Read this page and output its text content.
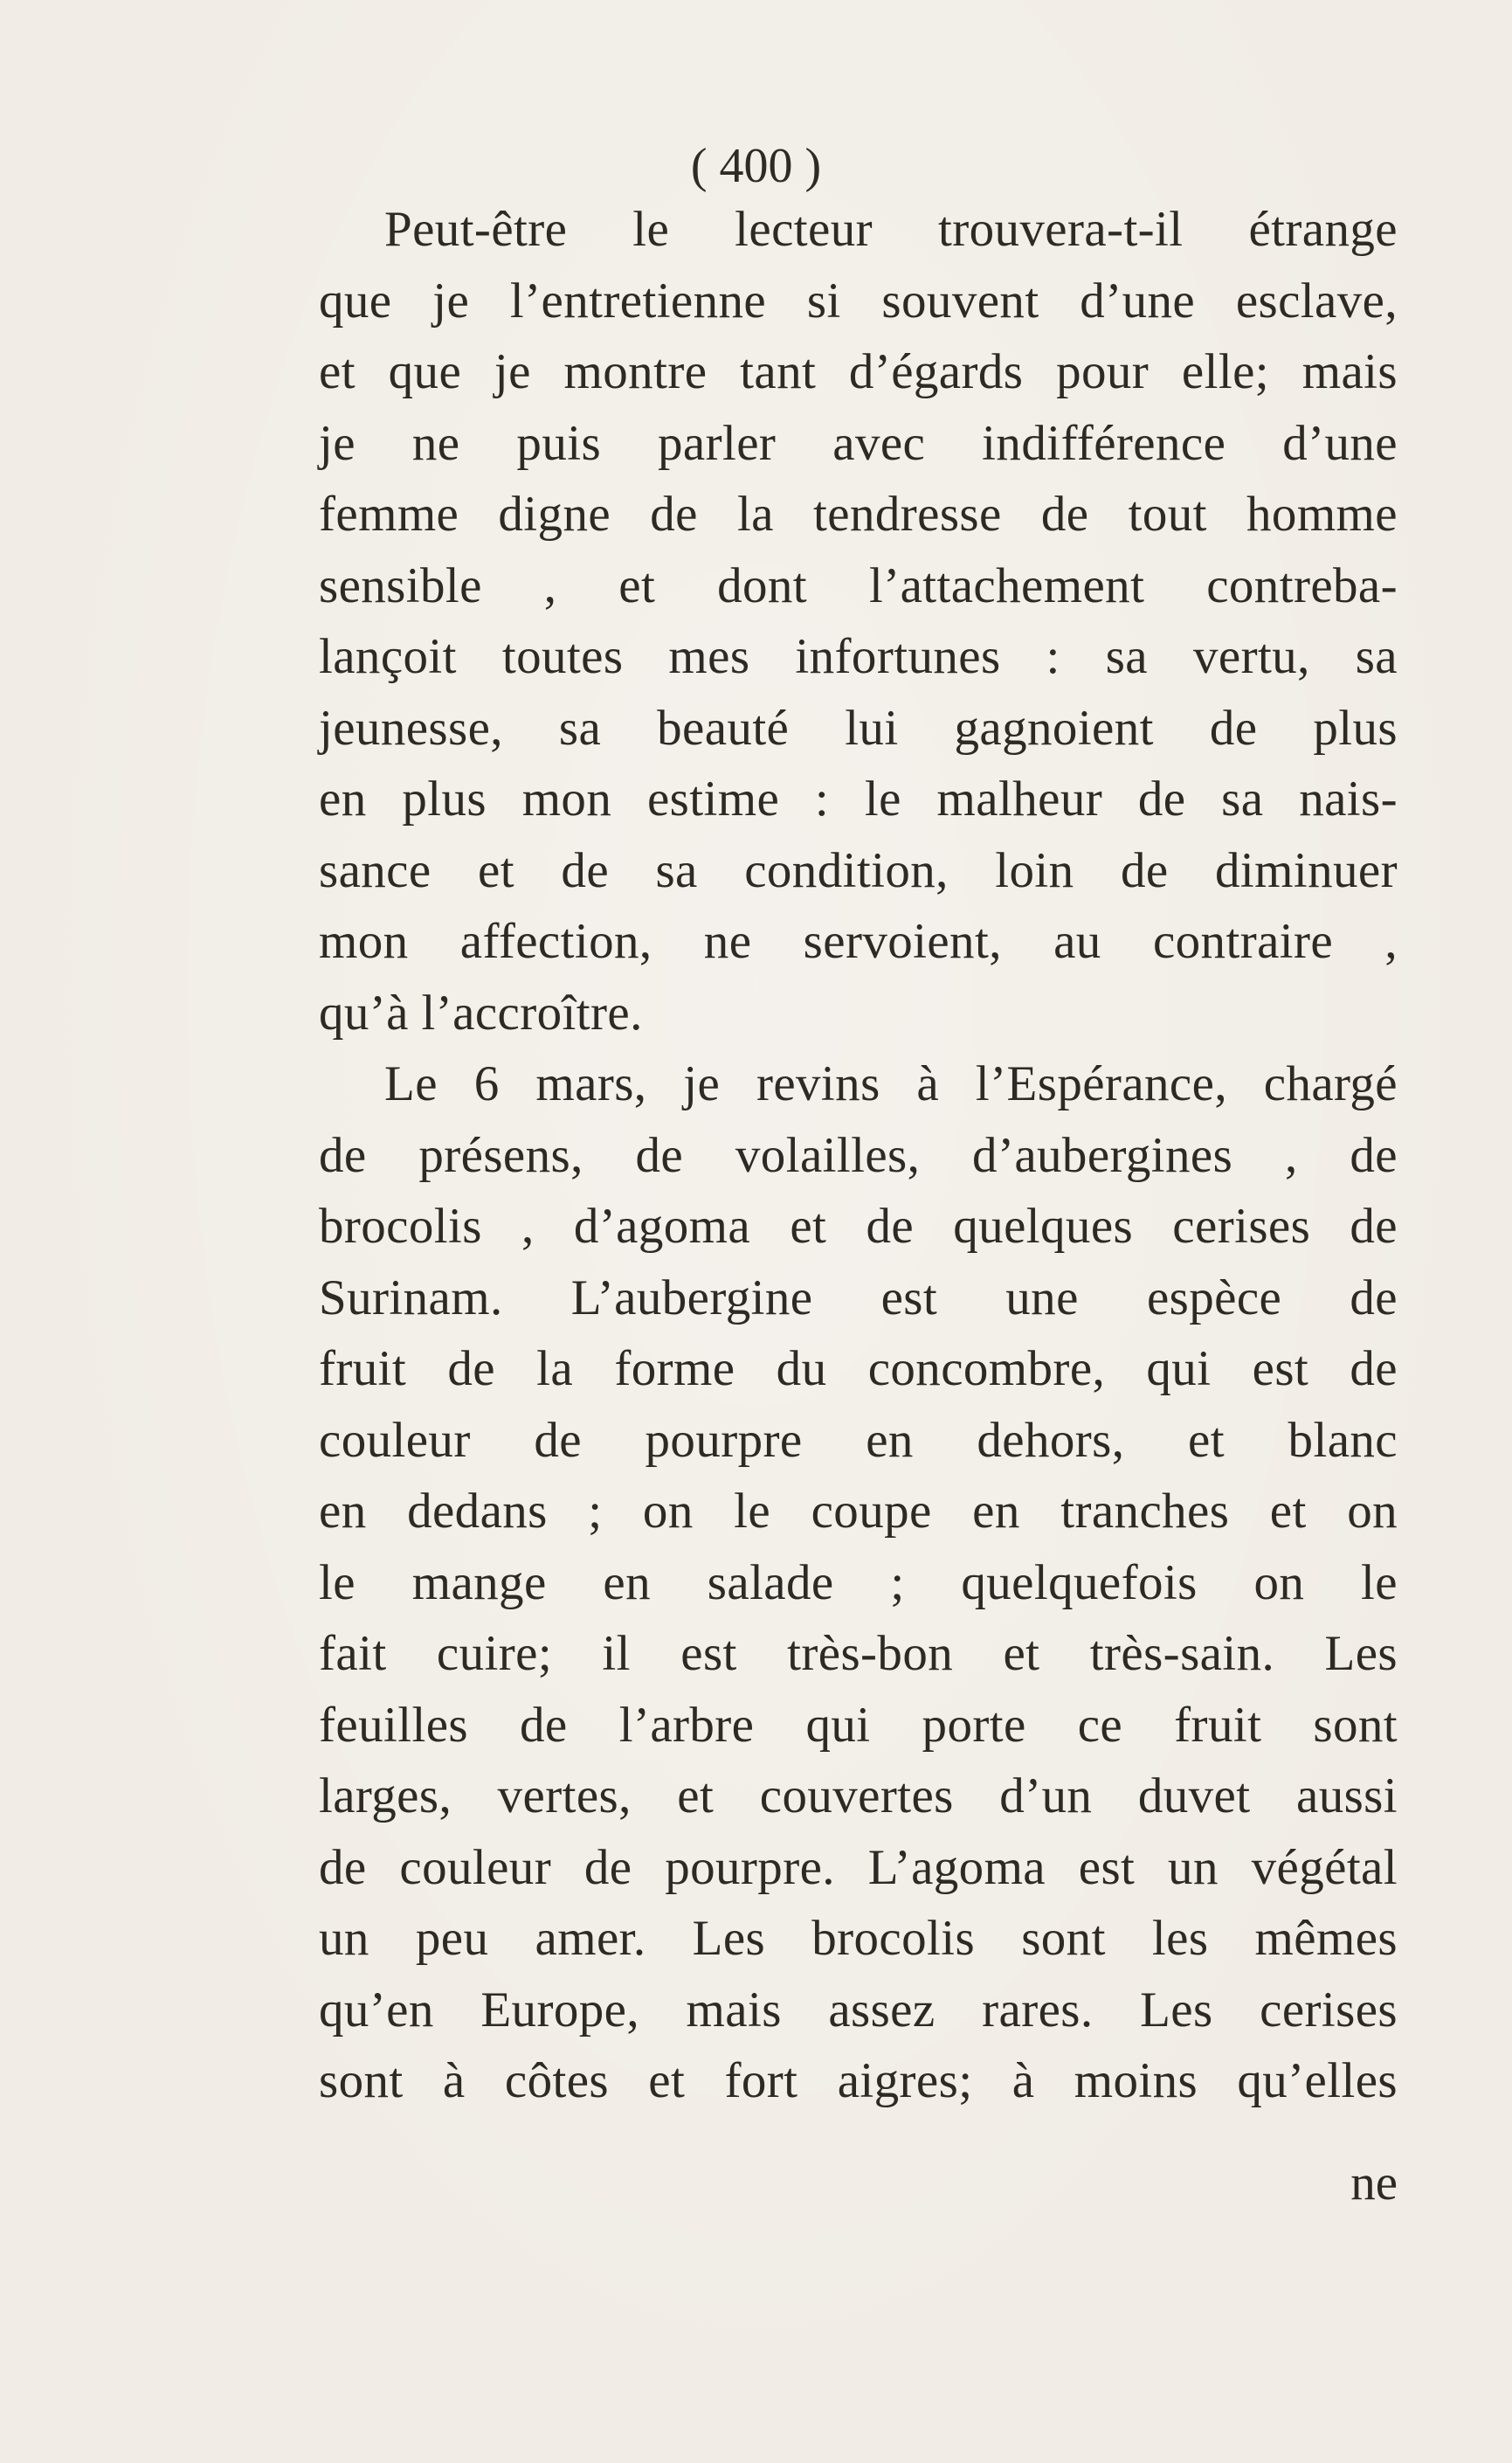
( 400 )
Peut-être le lecteur trouvera-t-il étrange
que je l’entretienne si souvent d’une esclave,
et que je montre tant d’égards pour elle; mais
je ne puis parler avec indifférence d’une
femme digne de la tendresse de tout homme
sensible , et dont l’attachement contreba-
lançoit toutes mes infortunes : sa vertu, sa
jeunesse, sa beauté lui gagnoient de plus
en plus mon estime : le malheur de sa nais-
sance et de sa condition, loin de diminuer
mon affection, ne servoient, au contraire ,
qu’à l’accroître.
Le 6 mars, je revins à l’Espérance, chargé
de présens, de volailles, d’aubergines , de
brocolis , d’agoma et de quelques cerises de
Surinam. L’aubergine est une espèce de
fruit de la forme du concombre, qui est de
couleur de pourpre en dehors, et blanc
en dedans ; on le coupe en tranches et on
le mange en salade ; quelquefois on le
fait cuire; il est très-bon et très-sain. Les
feuilles de l’arbre qui porte ce fruit sont
larges, vertes, et couvertes d’un duvet aussi
de couleur de pourpre. L’agoma est un végétal
un peu amer. Les brocolis sont les mêmes
qu’en Europe, mais assez rares. Les cerises
sont à côtes et fort aigres; à moins qu’elles
ne
